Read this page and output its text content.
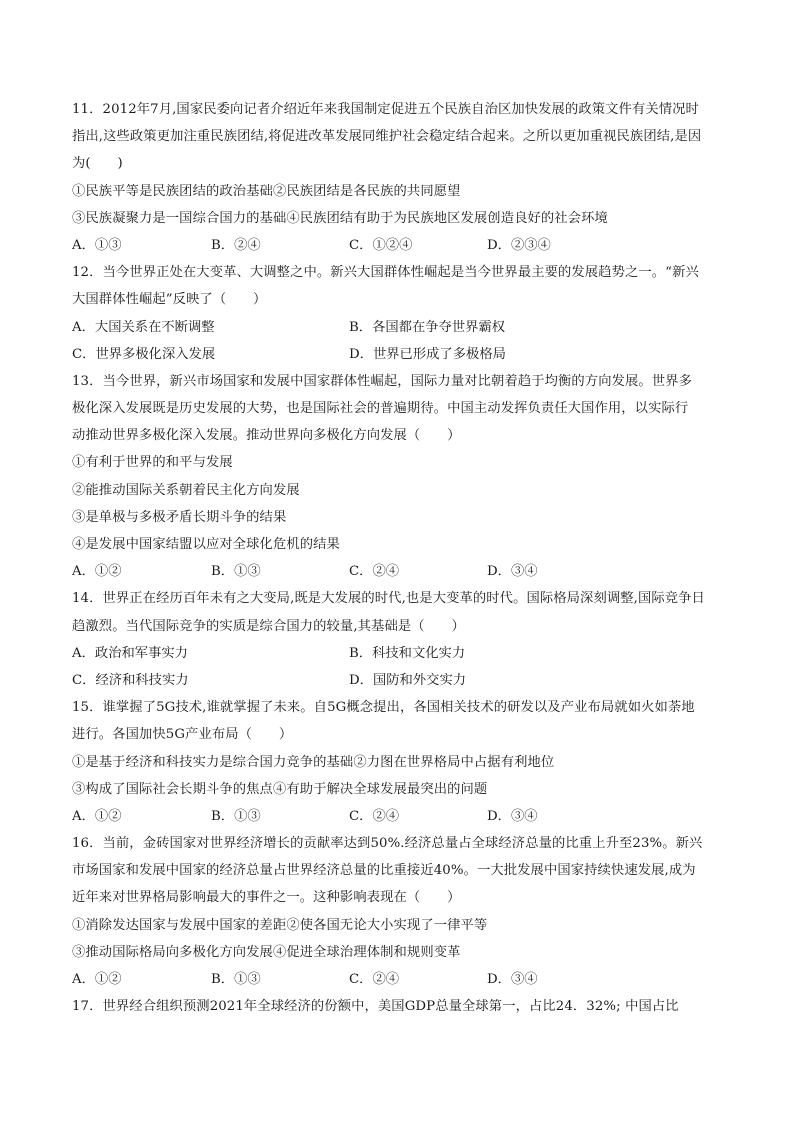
11．2012年7月,国家民委向记者介绍近年来我国制定促进五个民族自治区加快发展的政策文件有关情况时
指出,这些政策更加注重民族团结,将促进改革发展同维护社会稳定结合起来。之所以更加重视民族团结,是因
为(　　)
①民族平等是民族团结的政治基础②民族团结是各民族的共同愿望
③民族凝聚力是一国综合国力的基础④民族团结有助于为民族地区发展创造良好的社会环境
A．①③	B．②④	C．①②④	D．②③④
12．当今世界正处在大变革、大调整之中。新兴大国群体性崛起是当今世界最主要的发展趋势之一。“新兴
大国群体性崛起”反映了（　　）
A．大国关系在不断调整	B．各国都在争夺世界霸权
C．世界多极化深入发展	D．世界已形成了多极格局
13．当今世界，新兴市场国家和发展中国家群体性崛起，国际力量对比朝着趋于均衡的方向发展。世界多
极化深入发展既是历史发展的大势，也是国际社会的普遍期待。中国主动发挥负责任大国作用，以实际行
动推动世界多极化深入发展。推动世界向多极化方向发展（　　）
①有利于世界的和平与发展
②能推动国际关系朝着民主化方向发展
③是单极与多极矛盾长期斗争的结果
④是发展中国家结盟以应对全球化危机的结果
A．①②	B．①③	C．②④	D．③④
14．世界正在经历百年未有之大变局,既是大发展的时代,也是大变革的时代。国际格局深刻调整,国际竞争日
趋激烈。当代国际竞争的实质是综合国力的较量,其基础是（　　）
A．政治和军事实力	B．科技和文化实力
C．经济和科技实力	D．国防和外交实力
15．谁掌握了5G技术,谁就掌握了未来。自5G概念提出，各国相关技术的研发以及产业布局就如火如荼地
进行。各国加快5G产业布局（　　）
①是基于经济和科技实力是综合国力竞争的基础②力图在世界格局中占据有利地位
③构成了国际社会长期斗争的焦点④有助于解决全球发展最突出的问题
A．①②	B．①③	C．②④	D．③④
16．当前，金砖国家对世界经济增长的贡献率达到50%.经济总量占全球经济总量的比重上升至23%。新兴
市场国家和发展中国家的经济总量占世界经济总量的比重接近40%。一大批发展中国家持续快速发展,成为
近年来对世界格局影响最大的事件之一。这种影响表现在（　　）
①消除发达国家与发展中国家的差距②使各国无论大小实现了一律平等
③推动国际格局向多极化方向发展④促进全球治理体制和规则变革
A．①②	B．①③	C．②④	D．③④
17．世界经合组织预测2021年全球经济的份额中，美国GDP总量全球第一，占比24．32%; 中国占比
